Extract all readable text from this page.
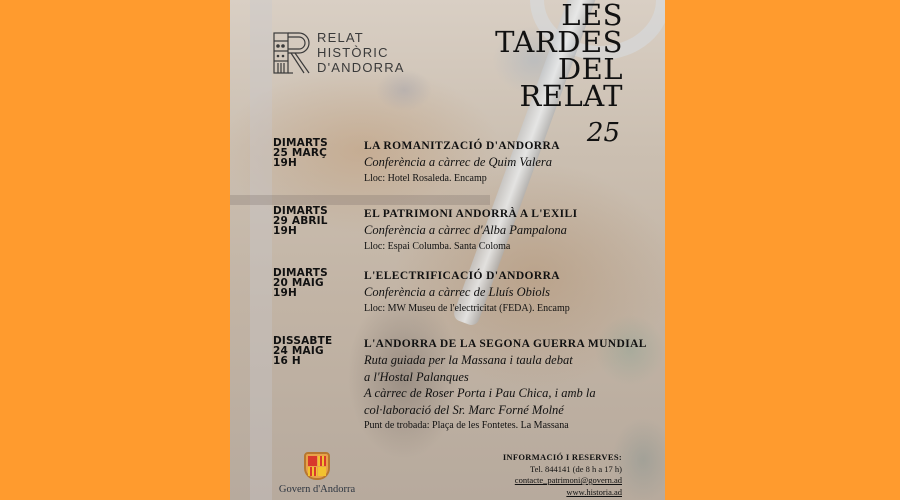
RELAT
HISTÒRIC
D'ANDORRA
LES
TARDES
DEL
RELAT
25
DIMARTS
25 MARÇ
19H
LA ROMANITZACIÓ D'ANDORRA
Conferència a càrrec de Quim Valera
Lloc: Hotel Rosaleda. Encamp
DIMARTS
29 ABRIL
19H
EL PATRIMONI ANDORRÀ A L'EXILI
Conferència a càrrec d'Alba Pampalona
Lloc: Espai Columba. Santa Coloma
DIMARTS
20 MAIG
19H
L'ELECTRIFICACIÓ D'ANDORRA
Conferència a càrrec de Lluís Obiols
Lloc: MW Museu de l'electricitat (FEDA). Encamp
DISSABTE
24 MAIG
16 H
L'ANDORRA DE LA SEGONA GUERRA MUNDIAL
Ruta guiada per la Massana i taula debat
a l'Hostal Palanques
A càrrec de Roser Porta i Pau Chica, i amb la
col·laboració del Sr. Marc Forné Molné
Punt de trobada: Plaça de les Fontetes. La Massana
Govern d'Andorra
INFORMACIÓ I RESERVES:
Tel. 844141 (de 8 h a 17 h)
contacte_patrimoni@govern.ad
www.historia.ad
